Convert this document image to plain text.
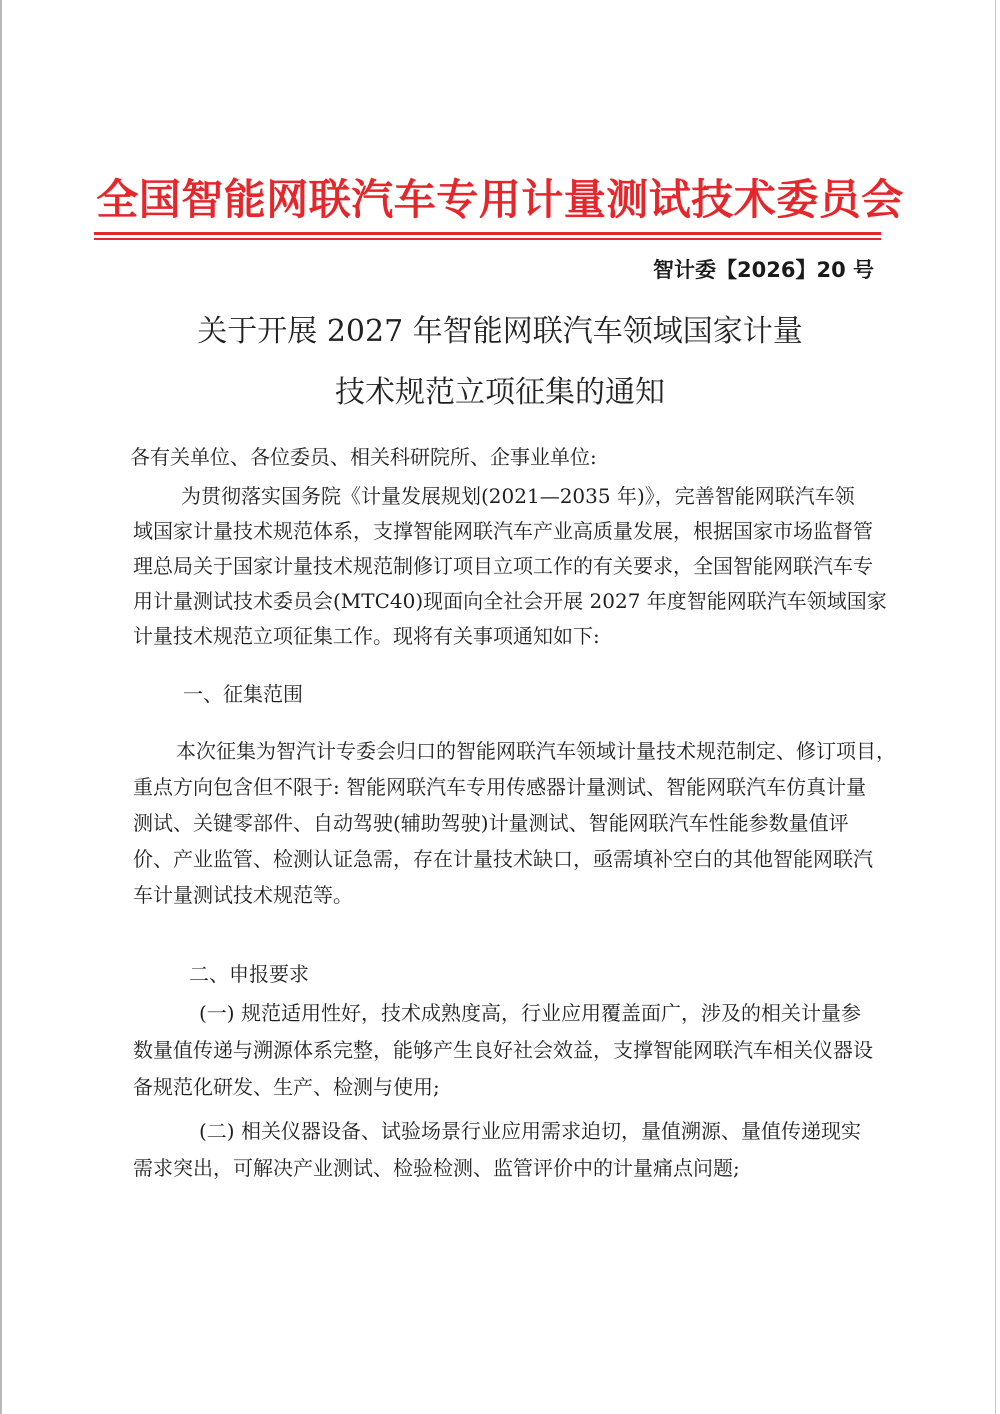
全国智能网联汽车专用计量测试技术委员会
智计委【2026】20 号
关于开展 2027 年智能网联汽车领域国家计量
技术规范立项征集的通知
各有关单位、各位委员、相关科研院所、企事业单位:
为贯彻落实国务院《计量发展规划(2021—2035 年)》，完善智能网联汽车领
域国家计量技术规范体系，支撑智能网联汽车产业高质量发展，根据国家市场监督管
理总局关于国家计量技术规范制修订项目立项工作的有关要求，全国智能网联汽车专
用计量测试技术委员会(MTC40)现面向全社会开展 2027 年度智能网联汽车领域国家
计量技术规范立项征集工作。现将有关事项通知如下:
一、征集范围
本次征集为智汽计专委会归口的智能网联汽车领域计量技术规范制定、修订项目，
重点方向包含但不限于: 智能网联汽车专用传感器计量测试、智能网联汽车仿真计量
测试、关键零部件、自动驾驶(辅助驾驶)计量测试、智能网联汽车性能参数量值评
价、产业监管、检测认证急需，存在计量技术缺口，亟需填补空白的其他智能网联汽
车计量测试技术规范等。
二、申报要求
(一) 规范适用性好，技术成熟度高，行业应用覆盖面广，涉及的相关计量参
数量值传递与溯源体系完整，能够产生良好社会效益，支撑智能网联汽车相关仪器设
备规范化研发、生产、检测与使用;
(二) 相关仪器设备、试验场景行业应用需求迫切，量值溯源、量值传递现实
需求突出，可解决产业测试、检验检测、监管评价中的计量痛点问题;
